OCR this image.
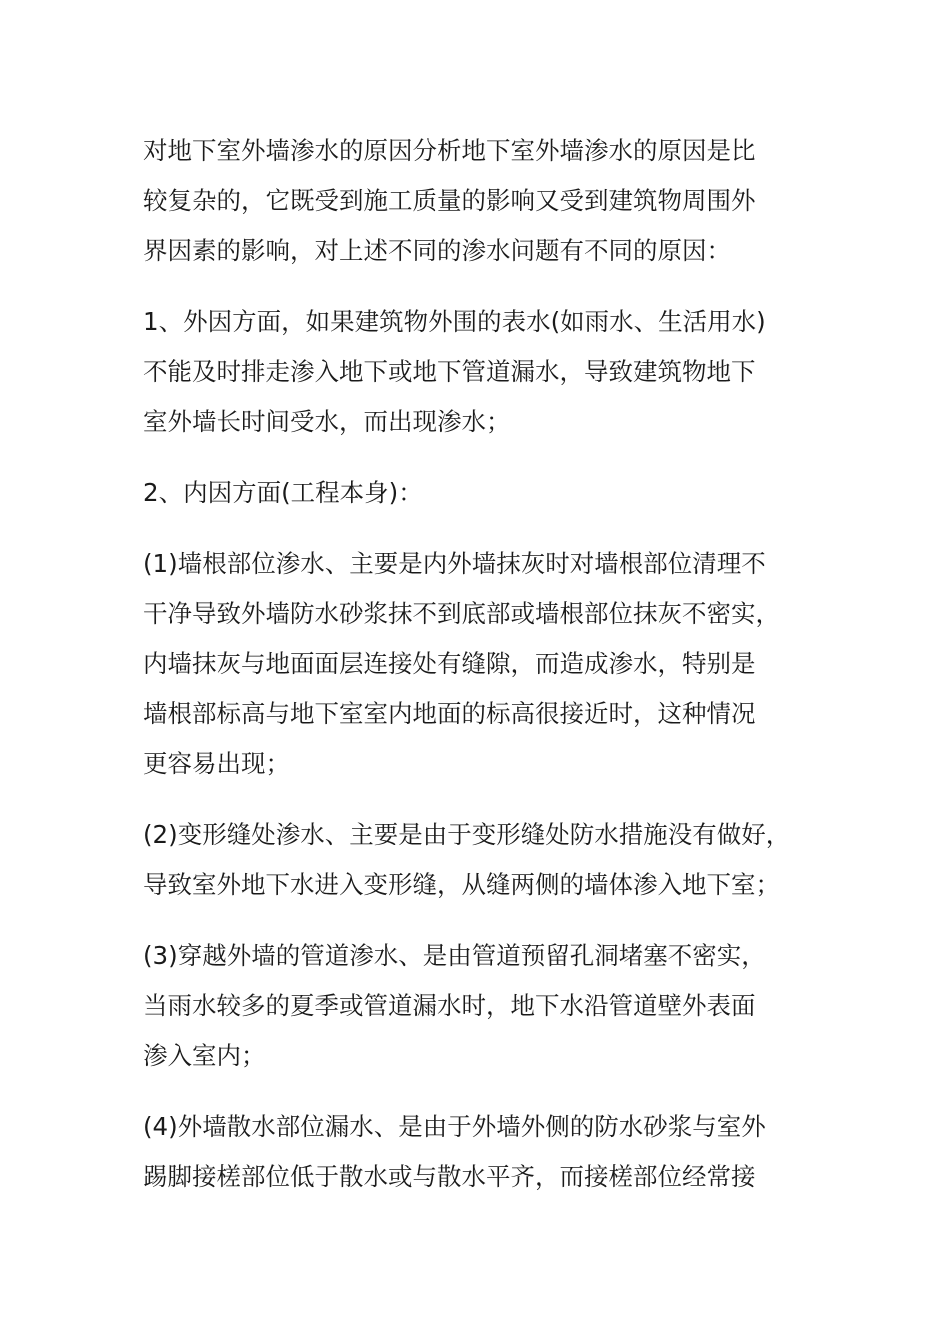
对地下室外墙渗水的原因分析地下室外墙渗水的原因是比
较复杂的，它既受到施工质量的影响又受到建筑物周围外
界因素的影响，对上述不同的渗水问题有不同的原因：

1、外因方面，如果建筑物外围的表水(如雨水、生活用水)
不能及时排走渗入地下或地下管道漏水，导致建筑物地下
室外墙长时间受水，而出现渗水；

2、内因方面(工程本身)：

(1)墙根部位渗水、主要是内外墙抹灰时对墙根部位清理不
干净导致外墙防水砂浆抹不到底部或墙根部位抹灰不密实，
内墙抹灰与地面面层连接处有缝隙，而造成渗水，特别是
墙根部标高与地下室室内地面的标高很接近时，这种情况
更容易出现；

(2)变形缝处渗水、主要是由于变形缝处防水措施没有做好，
导致室外地下水进入变形缝，从缝两侧的墙体渗入地下室；

(3)穿越外墙的管道渗水、是由管道预留孔洞堵塞不密实，
当雨水较多的夏季或管道漏水时，地下水沿管道壁外表面
渗入室内；

(4)外墙散水部位漏水、是由于外墙外侧的防水砂浆与室外
踢脚接槎部位低于散水或与散水平齐，而接槎部位经常接
